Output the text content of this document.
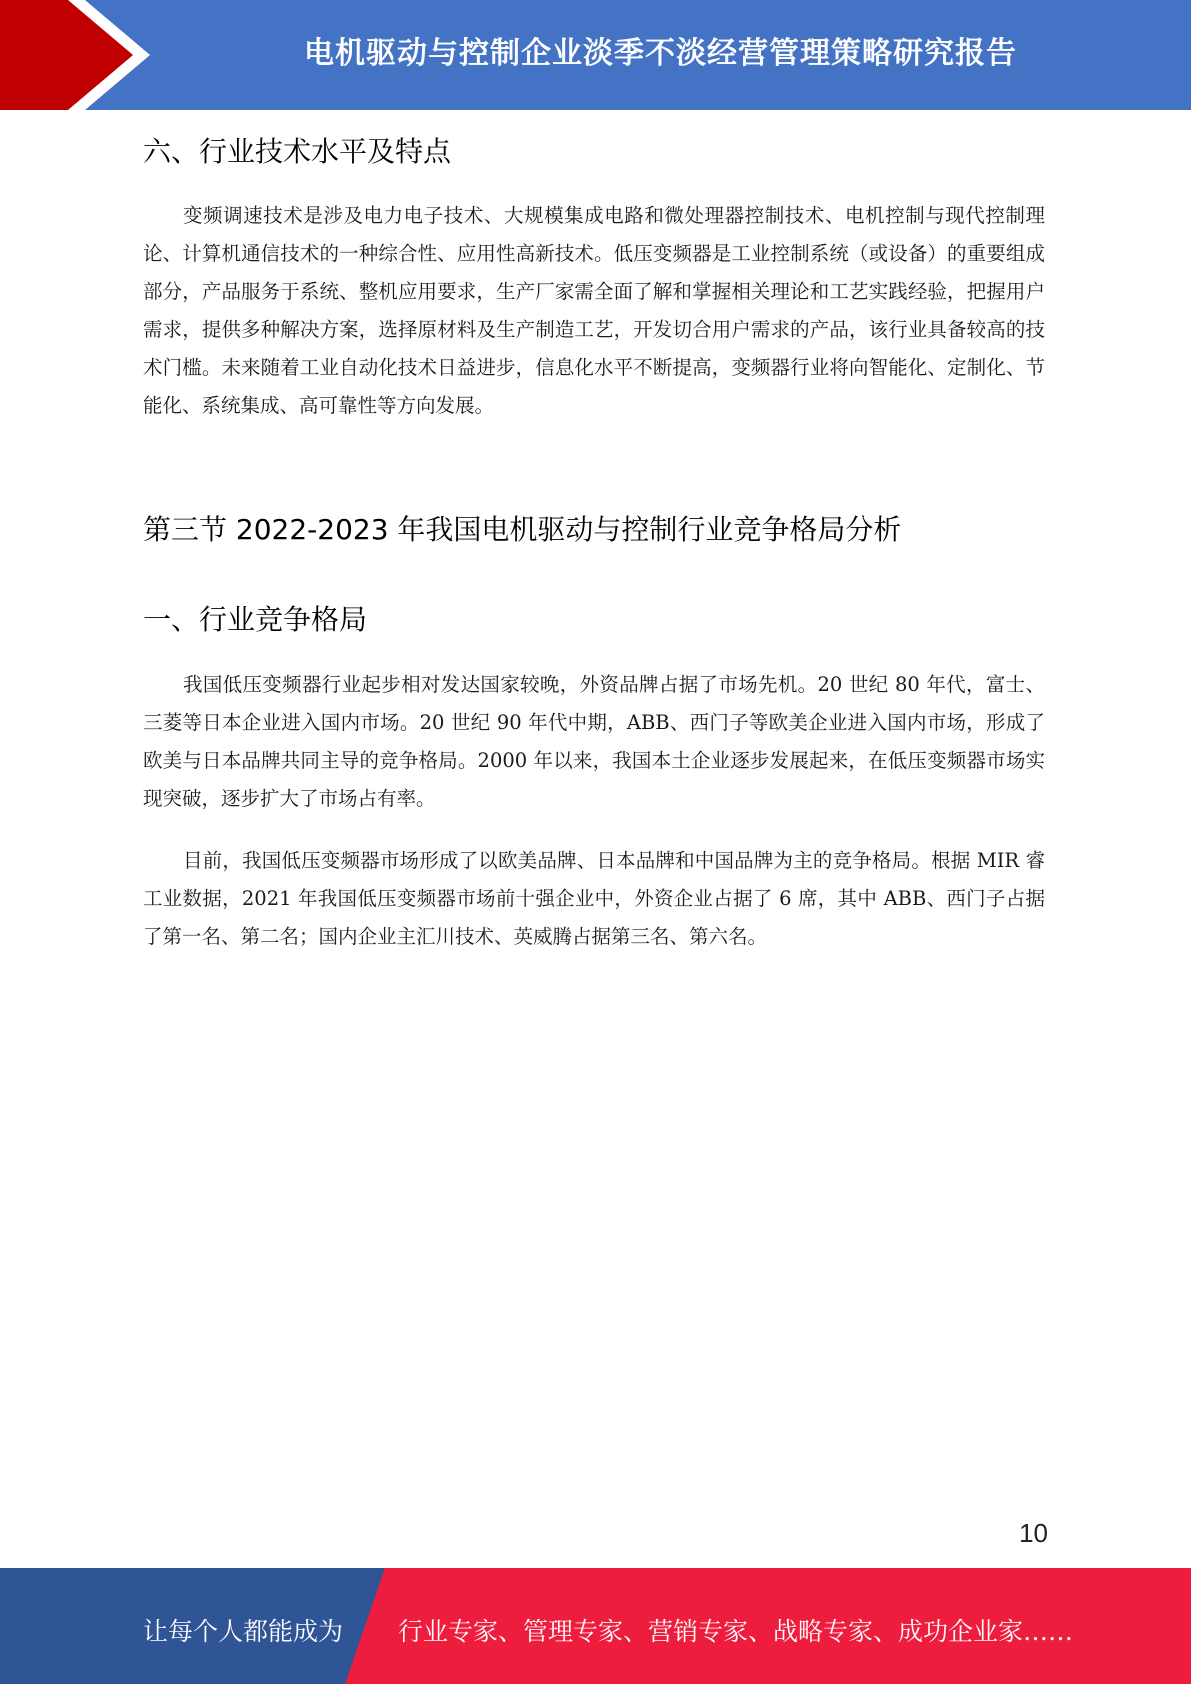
电机驱动与控制企业淡季不淡经营管理策略研究报告
六、行业技术水平及特点

变频调速技术是涉及电力电子技术、大规模集成电路和微处理器控制技术、电机控制与现代控制理论、计算机通信技术的一种综合性、应用性高新技术。低压变频器是工业控制系统（或设备）的重要组成部分，产品服务于系统、整机应用要求，生产厂家需全面了解和掌握相关理论和工艺实践经验，把握用户需求，提供多种解决方案，选择原材料及生产制造工艺，开发切合用户需求的产品，该行业具备较高的技术门槛。未来随着工业自动化技术日益进步，信息化水平不断提高，变频器行业将向智能化、定制化、节能化、系统集成、高可靠性等方向发展。

第三节 2022-2023 年我国电机驱动与控制行业竞争格局分析
一、行业竞争格局

我国低压变频器行业起步相对发达国家较晚，外资品牌占据了市场先机。20 世纪 80 年代，富士、三菱等日本企业进入国内市场。20 世纪 90 年代中期，ABB、西门子等欧美企业进入国内市场，形成了欧美与日本品牌共同主导的竞争格局。2000 年以来，我国本土企业逐步发展起来，在低压变频器市场实现突破，逐步扩大了市场占有率。

目前，我国低压变频器市场形成了以欧美品牌、日本品牌和中国品牌为主的竞争格局。根据 MIR 睿工业数据，2021 年我国低压变频器市场前十强企业中，外资企业占据了 6 席，其中 ABB、西门子占据了第一名、第二名；国内企业主汇川技术、英威腾占据第三名、第六名。

10
让每个人都能成为 行业专家、管理专家、营销专家、战略专家、成功企业家……
